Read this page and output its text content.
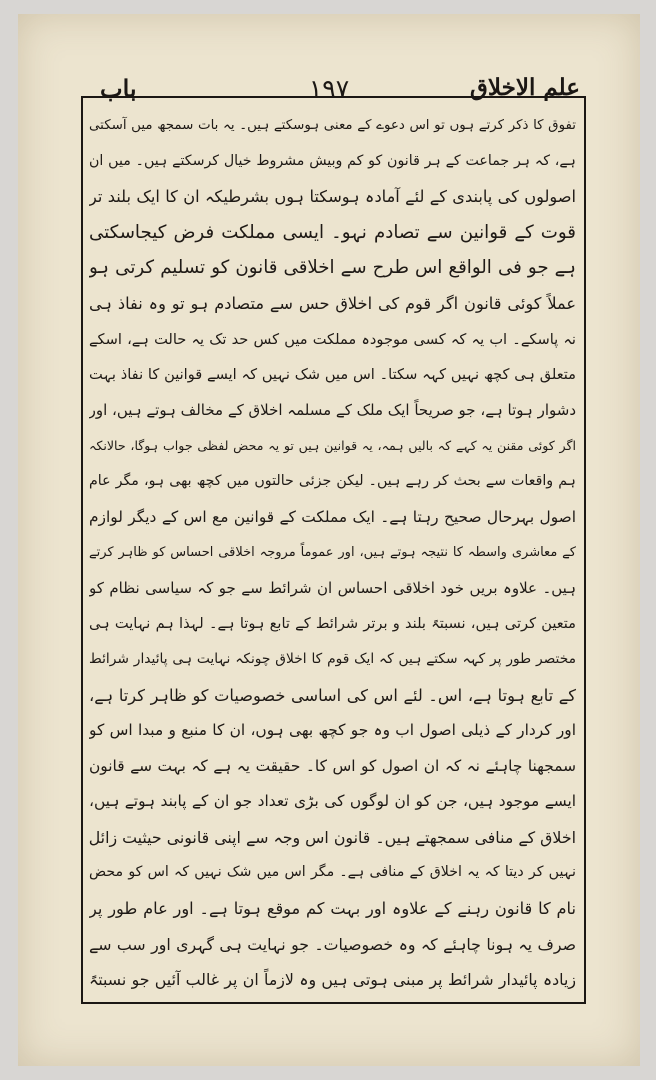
باب	۱۹۷	علم الاخلاق
تفوق کا ذکر کرتے ہوں تو اس دعوے کے معنی ہوسکتے ہیں۔ یہ بات سمجھ میں آسکتی
ہے، کہ ہر جماعت کے ہر قانون کو کم وبیش مشروط خیال کرسکتے ہیں۔ میں ان
اصولوں کی پابندی کے لئے آمادہ ہوسکتا ہوں بشرطیکہ ان کا ایک بلند تر
قوت کے قوانین سے تصادم نہو۔ ایسی مملکت فرض کیجاسکتی
ہے جو فی الواقع اس طرح سے اخلاقی قانون کو تسلیم کرتی ہو
عملاً کوئی قانون اگر قوم کی اخلاق حس سے متصادم ہو تو وہ نفاذ ہی
نہ پاسکے۔ اب یہ کہ کسی موجودہ مملکت میں کس حد تک یہ حالت ہے، اسکے
متعلق ہی کچھ نہیں کہہ سکتا۔ اس میں شک نہیں کہ ایسے قوانین کا نفاذ بہت
دشوار ہوتا ہے، جو صریحاً ایک ملک کے مسلمہ اخلاق کے مخالف ہوتے ہیں، اور
اگر کوئی مقنن یہ کہے کہ بالیں ہمہ، یہ قوانین ہیں تو یہ محض لفظی جواب ہوگا، حالانکہ
ہم واقعات سے بحث کر رہے ہیں۔ لیکن جزئی حالتوں میں کچھ بھی ہو، مگر عام
اصول بہرحال صحیح رہتا ہے۔ ایک مملکت کے قوانین مع اس کے دیگر لوازم
کے معاشری واسطہ کا نتیجہ ہوتے ہیں، اور عموماً مروجہ اخلاقی احساس کو ظاہر کرتے
ہیں۔ علاوہ بریں خود اخلاقی احساس ان شرائط سے جو کہ سیاسی نظام کو
متعین کرتی ہیں، نسبتہً بلند و برتر شرائط کے تابع ہوتا ہے۔ لہذا ہم نہایت ہی
مختصر طور پر کہہ سکتے ہیں کہ ایک قوم کا اخلاق چونکہ نہایت ہی پائیدار شرائط
کے تابع ہوتا ہے، اس۔ لئے اس کی اساسی خصوصیات کو ظاہر کرتا ہے،
اور کردار کے ذیلی اصول اب وہ جو کچھ بھی ہوں، ان کا منبع و مبدا اس کو
سمجھنا چاہئے نہ کہ ان اصول کو اس کا۔ حقیقت یہ ہے کہ بہت سے قانون
ایسے موجود ہیں، جن کو ان لوگوں کی بڑی تعداد جو ان کے پابند ہوتے ہیں،
اخلاق کے منافی سمجھتے ہیں۔ قانون اس وجہ سے اپنی قانونی حیثیت زائل
نہیں کر دیتا کہ یہ اخلاق کے منافی ہے۔ مگر اس میں شک نہیں کہ اس کو محض
نام کا قانون رہنے کے علاوہ اور بہت کم موقع ہوتا ہے۔ اور عام طور پر
صرف یہ ہونا چاہئے کہ وہ خصوصیات۔ جو نہایت ہی گہری اور سب سے
زیادہ پائیدار شرائط پر مبنی ہوتی ہیں وہ لازماً ان پر غالب آئیں جو نسبتہً
